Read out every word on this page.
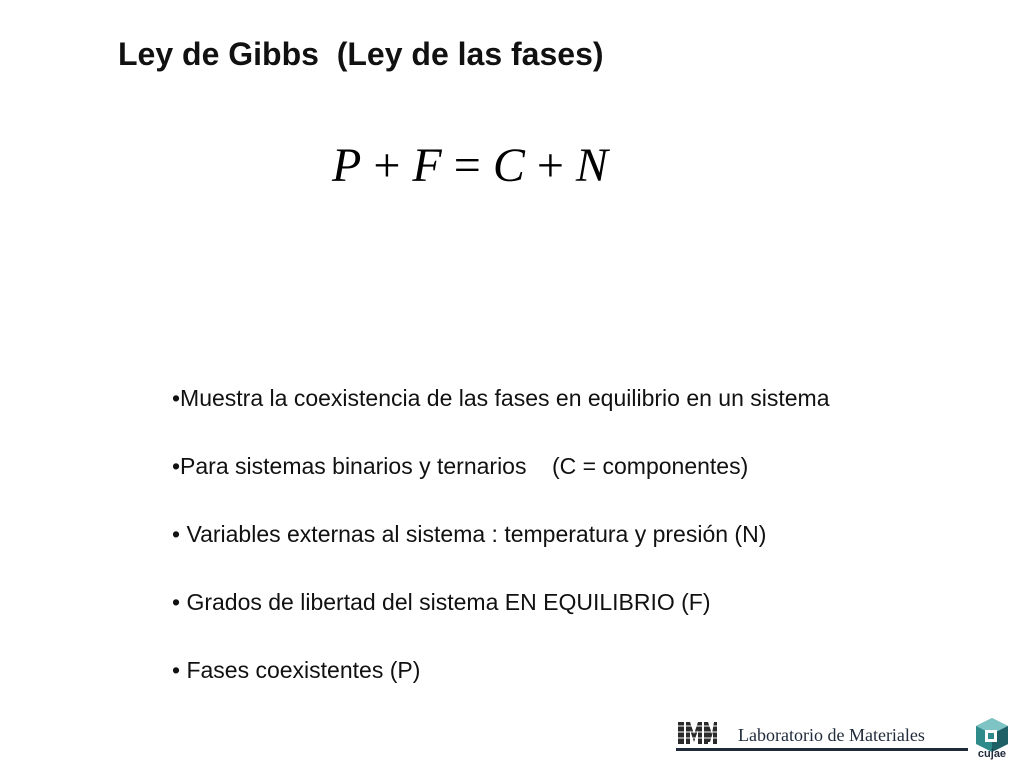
Ley de Gibbs  (Ley de las fases)
P + F = C + N
•Muestra la coexistencia de las fases en equilibrio en un sistema
•Para sistemas binarios y ternarios    (C = componentes)
• Variables externas al sistema : temperatura y presión (N)
• Grados de libertad del sistema EN EQUILIBRIO (F)
• Fases coexistentes (P)
Laboratorio de Materiales
cujae
